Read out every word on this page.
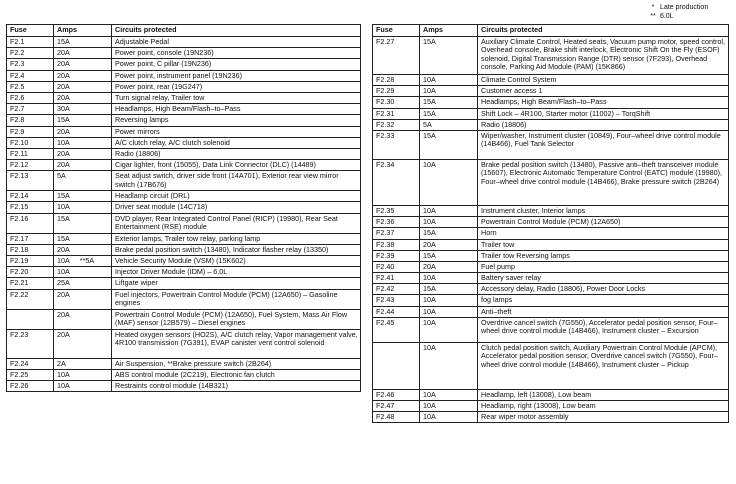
* Late production
** 6.0L
Fuse	Amps	Circuits protected
F2.1	15A	Adjustable Pedal
F2.2	20A	Power point, console (19N236)
F2.3	20A	Power point, C pillar (19N236)
F2.4	20A	Power point, instrument panel (19N236)
F2.5	20A	Power point, rear (19G247)
F2.6	20A	Turn signal relay, Trailer tow
F2.7	30A	Headlamps, High Beam/Flash–to–Pass
F2.8	15A	Reversing lamps
F2.9	20A	Power mirrors
F2.10	10A	A/C clutch relay, A/C clutch solenoid
F2.11	20A	Radio (18806)
F2.12	20A	Cigar lighter, front (15055), Data Link Connector (DLC) (14489)
F2.13	5A	Seat adjust switch, driver side front (14A701), Exterior rear view mirror switch (17B676)
F2.14	15A	Headlamp circuit (DRL)
F2.15	10A	Driver seat module (14C718)
F2.16	15A	DVD player, Rear Integrated Control Panel (RICP) (19980), Rear Seat Entertainment (RSE) module
F2.17	15A	Exterior lamps, Trailer tow relay, parking lamp
F2.18	20A	Brake pedal position switch (13480), Indicator flasher relay (13350)
F2.19	10A **5A	Vehicle Security Module (VSM) (15K602)
F2.20	10A	Injector Driver Module (IDM) – 6.0L
F2.21	25A	Liftgate wiper
F2.22	20A	Fuel injectors, Powertrain Control Module (PCM) (12A650) – Gasoline engines
	20A	Powertrain Control Module (PCM) (12A650), Fuel System, Mass Air Flow (MAF) sensor (12B579) – Diesel engines
F2.23	20A	Heated oxygen sensors (HO2S), A/C clutch relay, Vapor management valve, 4R100 transmission (7G391), EVAP canister vent control solenoid
F2.24	2A	Air Suspension, **Brake pressure switch (2B264)
F2.25	10A	ABS control module (2C219), Electronic fan clutch
F2.26	10A	Restraints control module (14B321)
Fuse	Amps	Circuits protected
F2.27	15A	Auxiliary Climate Control, Heated seats, Vacuum pump motor, speed control, Overhead console, Brake shift interlock, Electronic Shift On the Fly (ESOF) solenoid, Digital Transmission Range (DTR) sensor (7F293), Overhead console, Parking Aid Module (PAM) (15K866)
F2.28	10A	Climate Control System
F2.29	10A	Customer access 1
F2.30	15A	Headlamps, High Beam/Flash–to–Pass
F2.31	15A	Shift Lock – 4R100, Starter motor (11002) – TorqShift
F2.32	5A	Radio (18806)
F2.33	15A	Wiper/washer, Instrument cluster (10849), Four–wheel drive control module (14B466), Fuel Tank Selector
F2.34	10A	Brake pedal position switch (13480), Passive anti–theft transceiver module (15607), Electronic Automatic Temperature Control (EATC) module (19980), Four–wheel drive control module (14B466), Brake pressure switch (2B264)
F2.35	10A	Instrument cluster, Interior lamps
F2.36	10A	Powertrain Control Module (PCM) (12A650)
F2.37	15A	Horn
F2.38	20A	Trailer tow
F2.39	15A	Trailer tow Reversing lamps
F2.40	20A	Fuel pump
F2.41	10A	Battery saver relay
F2.42	15A	Accessory delay, Radio (18806), Power Door Locks
F2.43	10A	fog lamps
F2.44	10A	Anti–theft
F2.45	10A	Overdrive cancel switch (7G550), Accelerator pedal position sensor, Four–wheel drive control module (14B466), Instrument cluster – Excursion
	10A	Clutch pedal position switch, Auxiliary Powertrain Control Module (APCM), Accelerator pedal position sensor, Overdrive cancel switch (7G550), Four–wheel drive control module (14B466), Instrument cluster – Pickup
F2.46	10A	Headlamp, left (13008), Low beam
F2.47	10A	Headlamp, right (13008), Low beam
F2.48	10A	Rear wiper motor assembly
